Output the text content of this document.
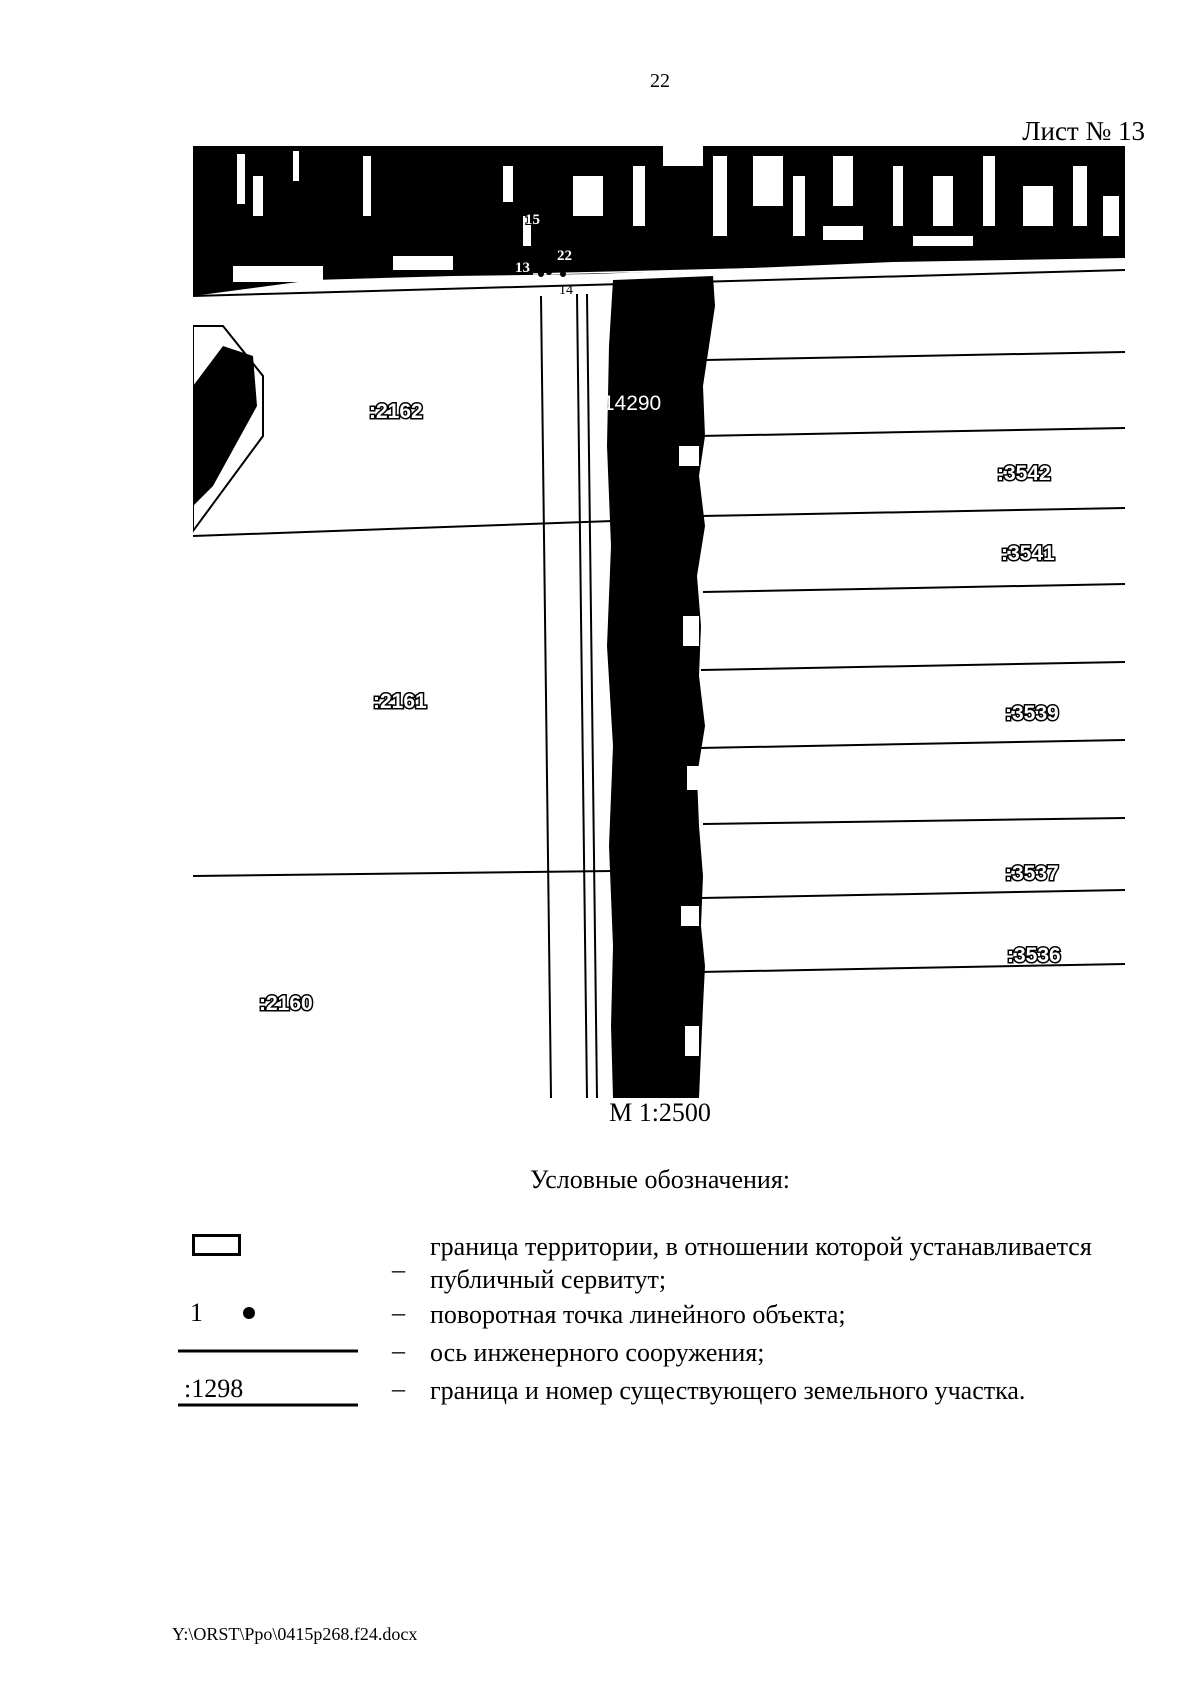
22
Лист № 13
15
13
22
14
:2162	:14290
:3542
:3541
:2161
:3539
:3537
:3536
:2160
М 1:2500
Условные обозначения:
_ граница территории, в отношении которой устанавливается публичный сервитут;
1	– поворотная точка линейного объекта;
– ось инженерного сооружения;
:1298	– граница и номер существующего земельного участка.
Y:\ORST\Ppo\0415p268.f24.docx
